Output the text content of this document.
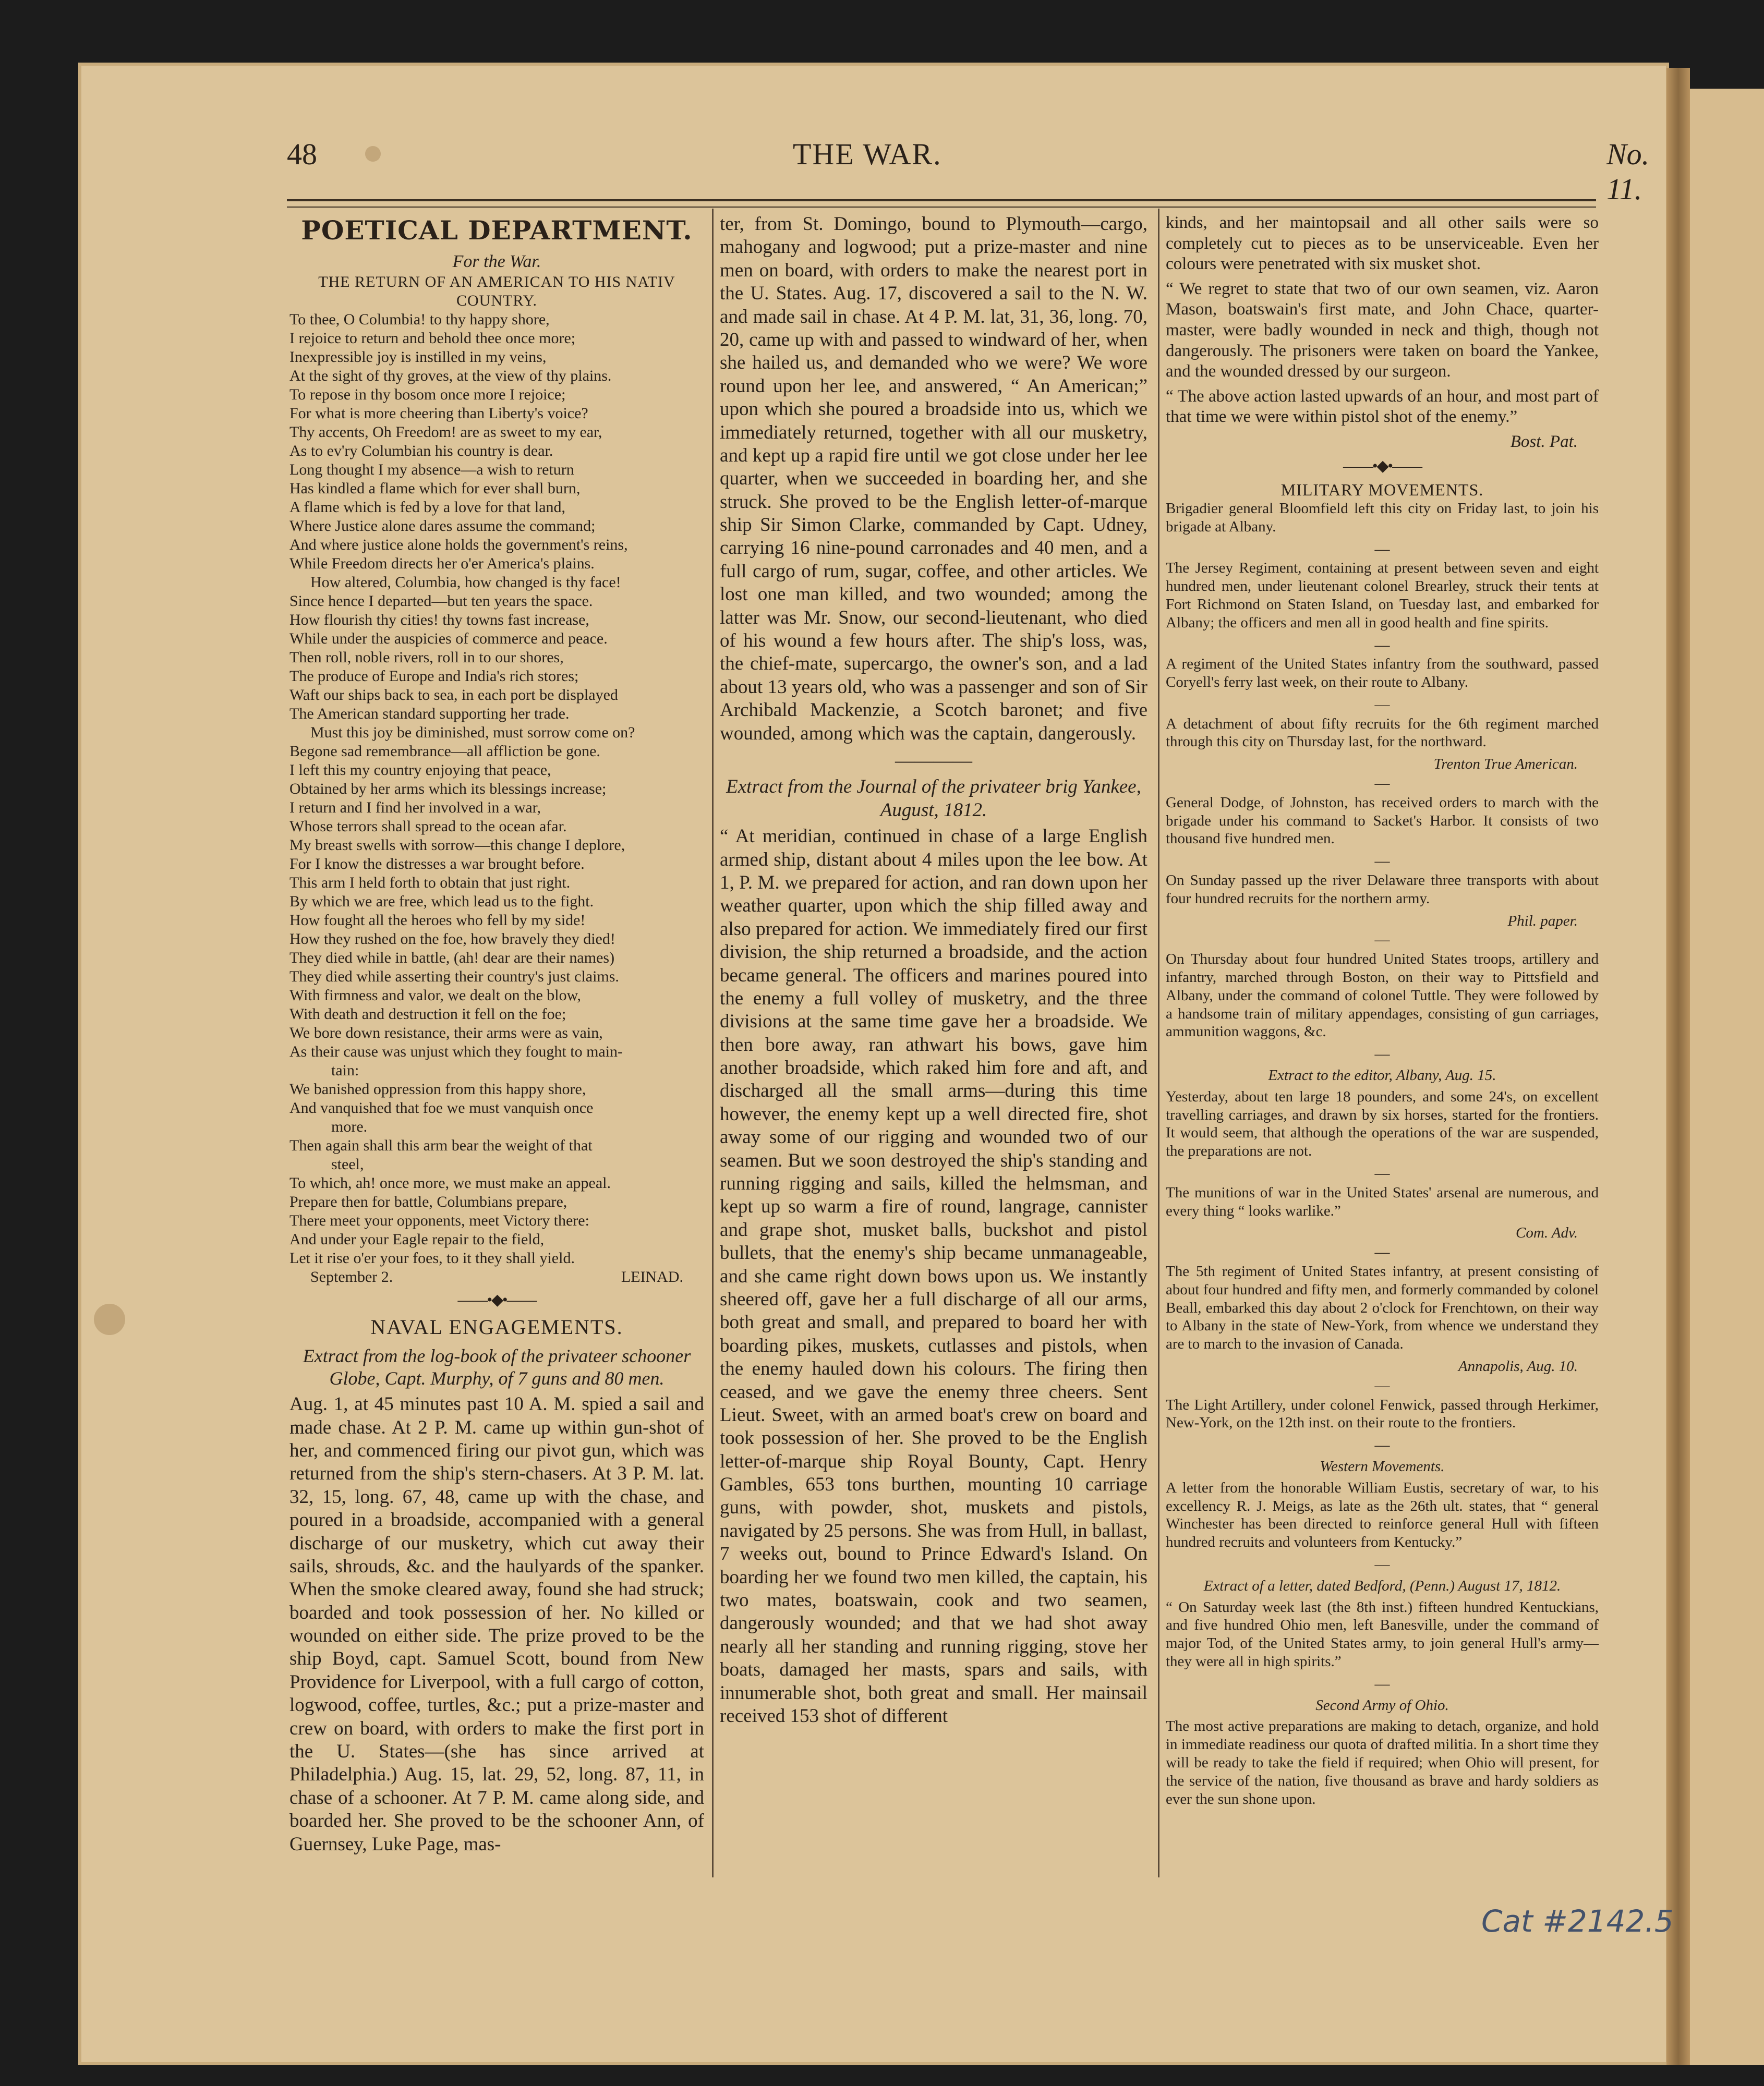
48	THE WAR.	No. 11.
POETICAL DEPARTMENT.
For the War.
THE RETURN OF AN AMERICAN TO HIS NATIV COUNTRY.
To thee, O Columbia! to thy happy shore,
I rejoice to return and behold thee once more;
Inexpressible joy is instilled in my veins,
At the sight of thy groves, at the view of thy plains.
To repose in thy bosom once more I rejoice;
For what is more cheering than Liberty's voice?
Thy accents, Oh Freedom! are as sweet to my ear,
As to ev'ry Columbian his country is dear.
Long thought I my absence—a wish to return
Has kindled a flame which for ever shall burn,
A flame which is fed by a love for that land,
Where Justice alone dares assume the command;
And where justice alone holds the government's reins,
While Freedom directs her o'er America's plains.
How altered, Columbia, how changed is thy face!
Since hence I departed—but ten years the space.
How flourish thy cities! thy towns fast increase,
While under the auspicies of commerce and peace.
Then roll, noble rivers, roll in to our shores,
The produce of Europe and India's rich stores;
Waft our ships back to sea, in each port be displayed
The American standard supporting her trade.
Must this joy be diminished, must sorrow come on?
Begone sad remembrance—all affliction be gone.
I left this my country enjoying that peace,
Obtained by her arms which its blessings increase;
I return and I find her involved in a war,
Whose terrors shall spread to the ocean afar.
My breast swells with sorrow—this change I deplore,
For I know the distresses a war brought before.
This arm I held forth to obtain that just right.
By which we are free, which lead us to the fight.
How fought all the heroes who fell by my side!
How they rushed on the foe, how bravely they died!
They died while in battle, (ah! dear are their names)
They died while asserting their country's just claims.
With firmness and valor, we dealt on the blow,
With death and destruction it fell on the foe;
We bore down resistance, their arms were as vain,
As their cause was unjust which they fought to main-
tain:
We banished oppression from this happy shore,
And vanquished that foe we must vanquish once
more.
Then again shall this arm bear the weight of that
steel,
To which, ah! once more, we must make an appeal.
Prepare then for battle, Columbians prepare,
There meet your opponents, meet Victory there:
And under your Eagle repair to the field,
Let it rise o'er your foes, to it they shall yield.
September 2.	LEINAD.
——•◆•——
NAVAL ENGAGEMENTS.
Extract from the log-book of the privateer schooner Globe, Capt. Murphy, of 7 guns and 80 men.

Aug. 1, at 45 minutes past 10 A. M. spied a sail and made chase. At 2 P. M. came up within gun-shot of her, and commenced firing our pivot gun, which was returned from the ship's stern-chasers. At 3 P. M. lat. 32, 15, long. 67, 48, came up with the chase, and poured in a broadside, accompanied with a general discharge of our musketry, which cut away their sails, shrouds, &c. and the haulyards of the spanker. When the smoke cleared away, found she had struck; boarded and took possession of her. No killed or wounded on either side. The prize proved to be the ship Boyd, capt. Samuel Scott, bound from New Providence for Liverpool, with a full cargo of cotton, logwood, coffee, turtles, &c.; put a prize-master and crew on board, with orders to make the first port in the U. States—(she has since arrived at Philadelphia.) Aug. 15, lat. 29, 52, long. 87, 11, in chase of a schooner. At 7 P. M. came along side, and boarded her. She proved to be the schooner Ann, of Guernsey, Luke Page, mas-

ter, from St. Domingo, bound to Plymouth—cargo, mahogany and logwood; put a prize-master and nine men on board, with orders to make the nearest port in the U. States. Aug. 17, discovered a sail to the N. W. and made sail in chase. At 4 P. M. lat, 31, 36, long. 70, 20, came up with and passed to windward of her, when she hailed us, and demanded who we were? We wore round upon her lee, and answered, “ An American;” upon which she poured a broadside into us, which we immediately returned, together with all our musketry, and kept up a rapid fire until we got close under her lee quarter, when we succeeded in boarding her, and she struck. She proved to be the English letter-of-marque ship Sir Simon Clarke, commanded by Capt. Udney, carrying 16 nine-pound carronades and 40 men, and a full cargo of rum, sugar, coffee, and other articles. We lost one man killed, and two wounded; among the latter was Mr. Snow, our second-lieutenant, who died of his wound a few hours after. The ship's loss, was, the chief-mate, supercargo, the owner's son, and a lad about 13 years old, who was a passenger and son of Sir Archibald Mackenzie, a Scotch baronet; and five wounded, among which was the captain, dangerously.

————
Extract from the Journal of the privateer brig Yankee, August, 1812.

“ At meridian, continued in chase of a large English armed ship, distant about 4 miles upon the lee bow. At 1, P. M. we prepared for action, and ran down upon her weather quarter, upon which the ship filled away and also prepared for action. We immediately fired our first division, the ship returned a broadside, and the action became general. The officers and marines poured into the enemy a full volley of musketry, and the three divisions at the same time gave her a broadside. We then bore away, ran athwart his bows, gave him another broadside, which raked him fore and aft, and discharged all the small arms—during this time however, the enemy kept up a well directed fire, shot away some of our rigging and wounded two of our seamen. But we soon destroyed the ship's standing and running rigging and sails, killed the helmsman, and kept up so warm a fire of round, langrage, cannister and grape shot, musket balls, buckshot and pistol bullets, that the enemy's ship became unmanageable, and she came right down bows upon us. We instantly sheered off, gave her a full discharge of all our arms, both great and small, and prepared to board her with boarding pikes, muskets, cutlasses and pistols, when the enemy hauled down his colours. The firing then ceased, and we gave the enemy three cheers. Sent Lieut. Sweet, with an armed boat's crew on board and took possession of her. She proved to be the English letter-of-marque ship Royal Bounty, Capt. Henry Gambles, 653 tons burthen, mounting 10 carriage guns, with powder, shot, muskets and pistols, navigated by 25 persons. She was from Hull, in ballast, 7 weeks out, bound to Prince Edward's Island. On boarding her we found two men killed, the captain, his two mates, boatswain, cook and two seamen, dangerously wounded; and that we had shot away nearly all her standing and running rigging, stove her boats, damaged her masts, spars and sails, with innumerable shot, both great and small. Her mainsail received 153 shot of different

kinds, and her maintopsail and all other sails were so completely cut to pieces as to be unserviceable. Even her colours were penetrated with six musket shot.

“ We regret to state that two of our own seamen, viz. Aaron Mason, boatswain's first mate, and John Chace, quarter-master, were badly wounded in neck and thigh, though not dangerously. The prisoners were taken on board the Yankee, and the wounded dressed by our surgeon.

“ The above action lasted upwards of an hour, and most part of that time we were within pistol shot of the enemy.”

Bost. Pat.
——•◆•——
MILITARY MOVEMENTS.

Brigadier general Bloomfield left this city on Friday last, to join his brigade at Albany.

—

The Jersey Regiment, containing at present between seven and eight hundred men, under lieutenant colonel Brearley, struck their tents at Fort Richmond on Staten Island, on Tuesday last, and embarked for Albany; the officers and men all in good health and fine spirits.

—

A regiment of the United States infantry from the southward, passed Coryell's ferry last week, on their route to Albany.

—

A detachment of about fifty recruits for the 6th regiment marched through this city on Thursday last, for the northward.

Trenton True American.
—

General Dodge, of Johnston, has received orders to march with the brigade under his command to Sacket's Harbor. It consists of two thousand five hundred men.

—

On Sunday passed up the river Delaware three transports with about four hundred recruits for the northern army.

Phil. paper.
—

On Thursday about four hundred United States troops, artillery and infantry, marched through Boston, on their way to Pittsfield and Albany, under the command of colonel Tuttle. They were followed by a handsome train of military appendages, consisting of gun carriages, ammunition waggons, &c.

—
Extract to the editor, Albany, Aug. 15.

Yesterday, about ten large 18 pounders, and some 24's, on excellent travelling carriages, and drawn by six horses, started for the frontiers. It would seem, that although the operations of the war are suspended, the preparations are not.

—

The munitions of war in the United States' arsenal are numerous, and every thing “ looks warlike.”

Com. Adv.
—

The 5th regiment of United States infantry, at present consisting of about four hundred and fifty men, and formerly commanded by colonel Beall, embarked this day about 2 o'clock for Frenchtown, on their way to Albany in the state of New-York, from whence we understand they are to march to the invasion of Canada.

Annapolis, Aug. 10.
—

The Light Artillery, under colonel Fenwick, passed through Herkimer, New-York, on the 12th inst. on their route to the frontiers.

—
Western Movements.

A letter from the honorable William Eustis, secretary of war, to his excellency R. J. Meigs, as late as the 26th ult. states, that “ general Winchester has been directed to reinforce general Hull with fifteen hundred recruits and volunteers from Kentucky.”

—
Extract of a letter, dated Bedford, (Penn.) August 17, 1812.

“ On Saturday week last (the 8th inst.) fifteen hundred Kentuckians, and five hundred Ohio men, left Banesville, under the command of major Tod, of the United States army, to join general Hull's army—they were all in high spirits.”

—
Second Army of Ohio.

The most active preparations are making to detach, organize, and hold in immediate readiness our quota of drafted militia. In a short time they will be ready to take the field if required; when Ohio will present, for the service of the nation, five thousand as brave and hardy soldiers as ever the sun shone upon.

Cat #2142.5
